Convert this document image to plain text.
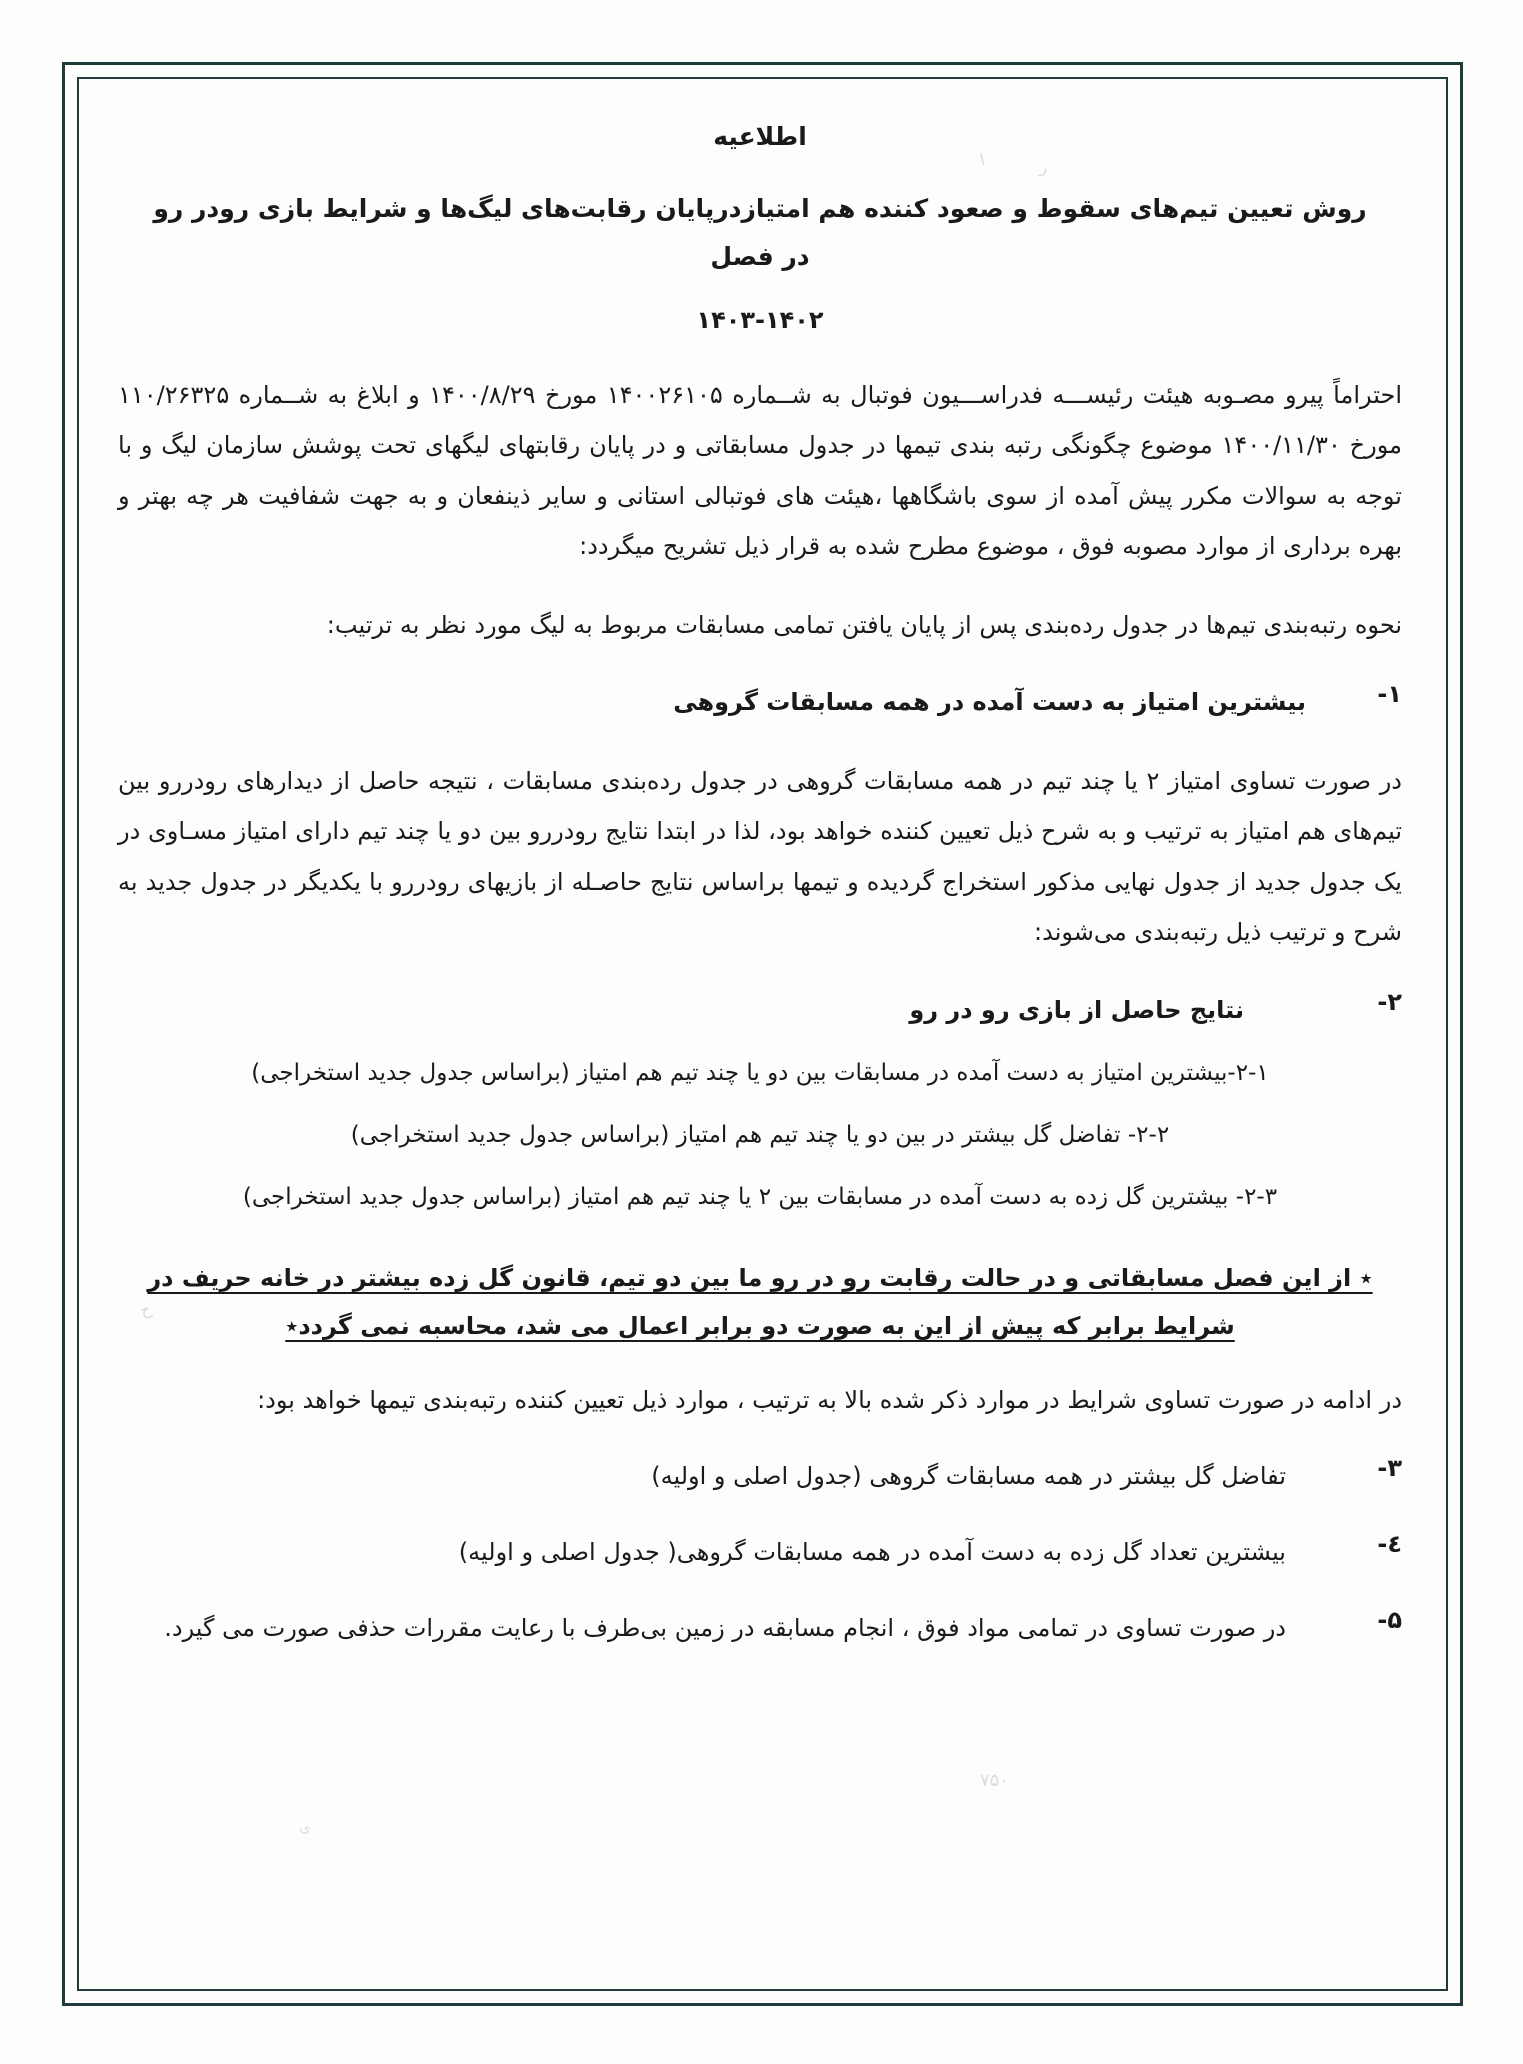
ا	ر
ح
ی
٧۵٠
اطلاعیه
روش تعیین تیم‌های سقوط و صعود کننده هم امتیازدرپایان رقابت‌های لیگ‌ها و شرایط بازی رودر رو در فصل
۱۴۰۳-۱۴۰۲
احتراماً پیرو مصـوبه هیئت رئیســـه فدراســـیون فوتبال به شــماره ۱۴۰۰۲۶۱۰۵ مورخ ۱۴۰۰/۸/۲۹ و ابلاغ به شــماره ۱۱۰/۲۶۳۲۵ مورخ ۱۴۰۰/۱۱/۳۰ موضوع چگونگی رتبه بندی تیمها در جدول مسابقاتی و در پایان رقابتهای لیگهای تحت پوشش سازمان لیگ و با توجه به سوالات مکرر پیش آمده از سوی باشگاهها ،هیئت های فوتبالی استانی و سایر ذینفعان و به جهت شفافیت هر چه بهتر و بهره برداری از موارد مصوبه فوق ، موضوع مطرح شده به قرار ذیل تشریح میگردد:
نحوه رتبه‌بندی تیم‌ها در جدول رده‌بندی پس از پایان یافتن تمامی مسابقات مربوط به لیگ مورد نظر به ترتیب:
۱-
بیشترین امتیاز به دست آمده در همه مسابقات گروهی
در صورت تساوی امتیاز ۲ یا چند تیم در همه مسابقات گروهی در جدول رده‌بندی مسابقات ، نتیجه حاصل از دیدارهای رودررو بین تیم‌های هم امتیاز به ترتیب و به شرح ذیل تعیین کننده خواهد بود، لذا در ابتدا نتایج رودررو بین دو یا چند تیم دارای امتیاز مسـاوی در یک جدول جدید از جدول نهایی مذکور استخراج گردیده و تیمها براساس نتایج حاصـله از بازیهای رودررو با یکدیگر در جدول جدید به شرح و ترتیب ذیل رتبه‌بندی می‌شوند:
۲-
نتایج حاصل از بازی رو در رو
۲-۱-بیشترین امتیاز به دست آمده در مسابقات بین دو یا چند تیم هم امتیاز (براساس جدول جدید استخراجی)
۲-۲- تفاضل گل بیشتر در بین دو یا چند تیم هم امتیاز (براساس جدول جدید استخراجی)
۲-۳- بیشترین گل زده به دست آمده در مسابقات بین ۲ یا چند تیم هم امتیاز (براساس جدول جدید استخراجی)
٭ از این فصل مسابقاتی و در حالت رقابت رو در رو ما بین دو تیم، قانون گل زده بیشتر در خانه حریف در
شرایط برابر که پیش از این به صورت دو برابر اعمال می شد، محاسبه نمی گردد٭
در ادامه در صورت تساوی شرایط در موارد ذکر شده بالا به ترتیب ، موارد ذیل تعیین کننده رتبه‌بندی تیمها خواهد بود:
۳-
تفاضل گل بیشتر در همه مسابقات گروهی (جدول اصلی و اولیه)
٤-
بیشترین تعداد گل زده به دست آمده در همه مسابقات گروهی( جدول اصلی و اولیه)
۵-
در صورت تساوی در تمامی مواد فوق ، انجام مسابقه در زمین بی‌طرف با رعایت مقررات حذفی صورت می گیرد.
